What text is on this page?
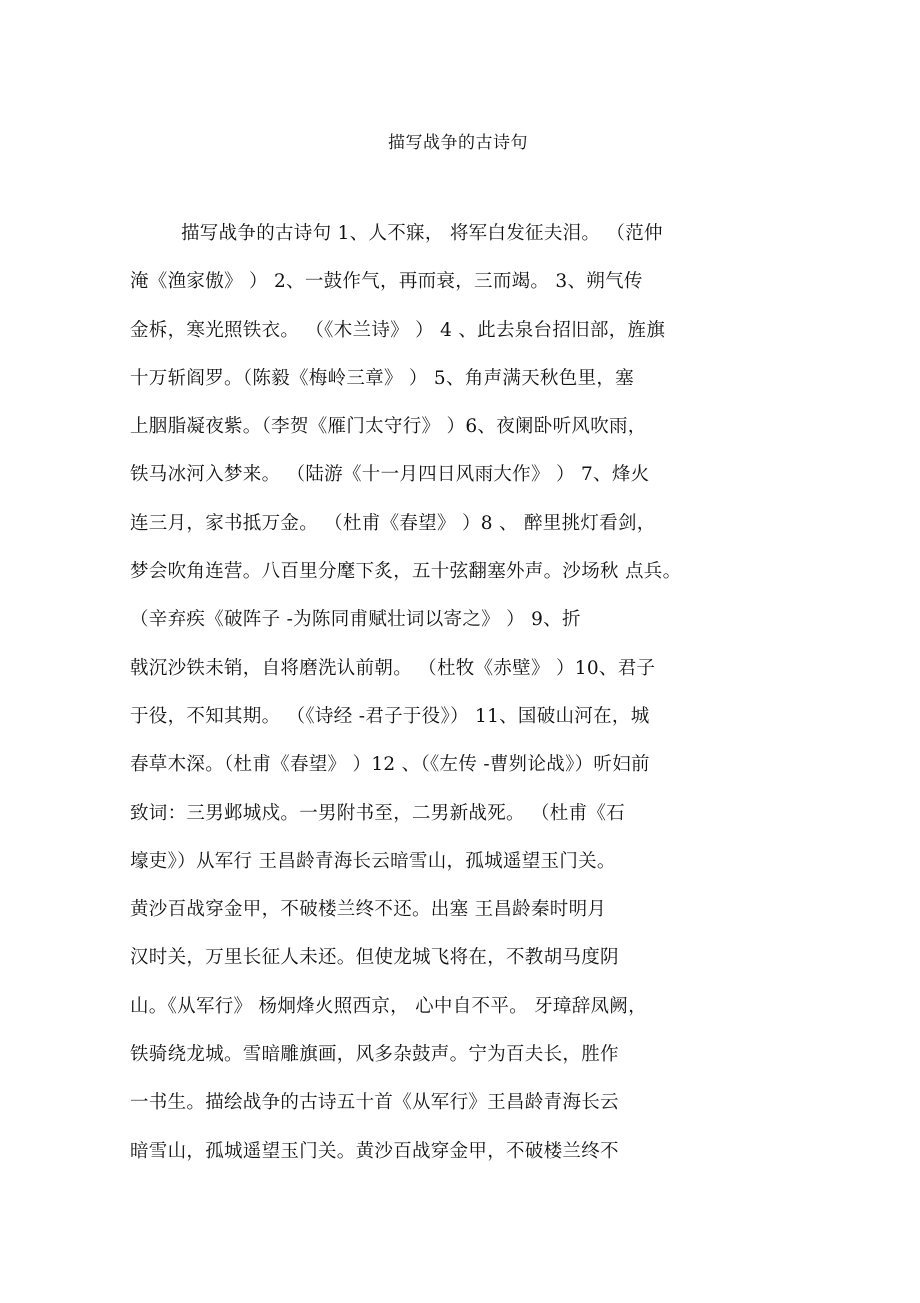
描写战争的古诗句
描写战争的古诗句 1、人不寐， 将军白发征夫泪。 （范仲
淹《渔家傲》 ） 2、一鼓作气，再而衰，三而竭。 3、朔气传
金柝，寒光照铁衣。 （《木兰诗》 ） 4 、此去泉台招旧部，旌旗
十万斩阎罗。（陈毅《梅岭三章》 ） 5、角声满天秋色里，塞
上胭脂凝夜紫。（李贺《雁门太守行》 ）6、夜阑卧听风吹雨，
铁马冰河入梦来。 （陆游《十一月四日风雨大作》 ） 7、烽火
连三月，家书抵万金。 （杜甫《春望》 ）8 、 醉里挑灯看剑，
梦会吹角连营。八百里分麾下炙，五十弦翻塞外声。沙场秋 点兵。
（辛弃疾《破阵子 -为陈同甫赋壮词以寄之》 ） 9、折
戟沉沙铁未销，自将磨洗认前朝。 （杜牧《赤壁》 ）10、君子
于役，不知其期。 （《诗经 -君子于役》） 11、国破山河在，城
春草木深。（杜甫《春望》 ）12 、（《左传 -曹刿论战》）听妇前
致词：三男邺城戍。一男附书至，二男新战死。 （杜甫《石
壕吏》）从军行 王昌龄青海长云暗雪山，孤城遥望玉门关。
黄沙百战穿金甲，不破楼兰终不还。出塞 王昌龄秦时明月
汉时关，万里长征人未还。但使龙城飞将在，不教胡马度阴
山。《从军行》 杨炯烽火照西京， 心中自不平。 牙璋辞凤阙，
铁骑绕龙城。雪暗雕旗画，风多杂鼓声。宁为百夫长，胜作
一书生。描绘战争的古诗五十首《从军行》王昌龄青海长云
暗雪山，孤城遥望玉门关。黄沙百战穿金甲，不破楼兰终不
